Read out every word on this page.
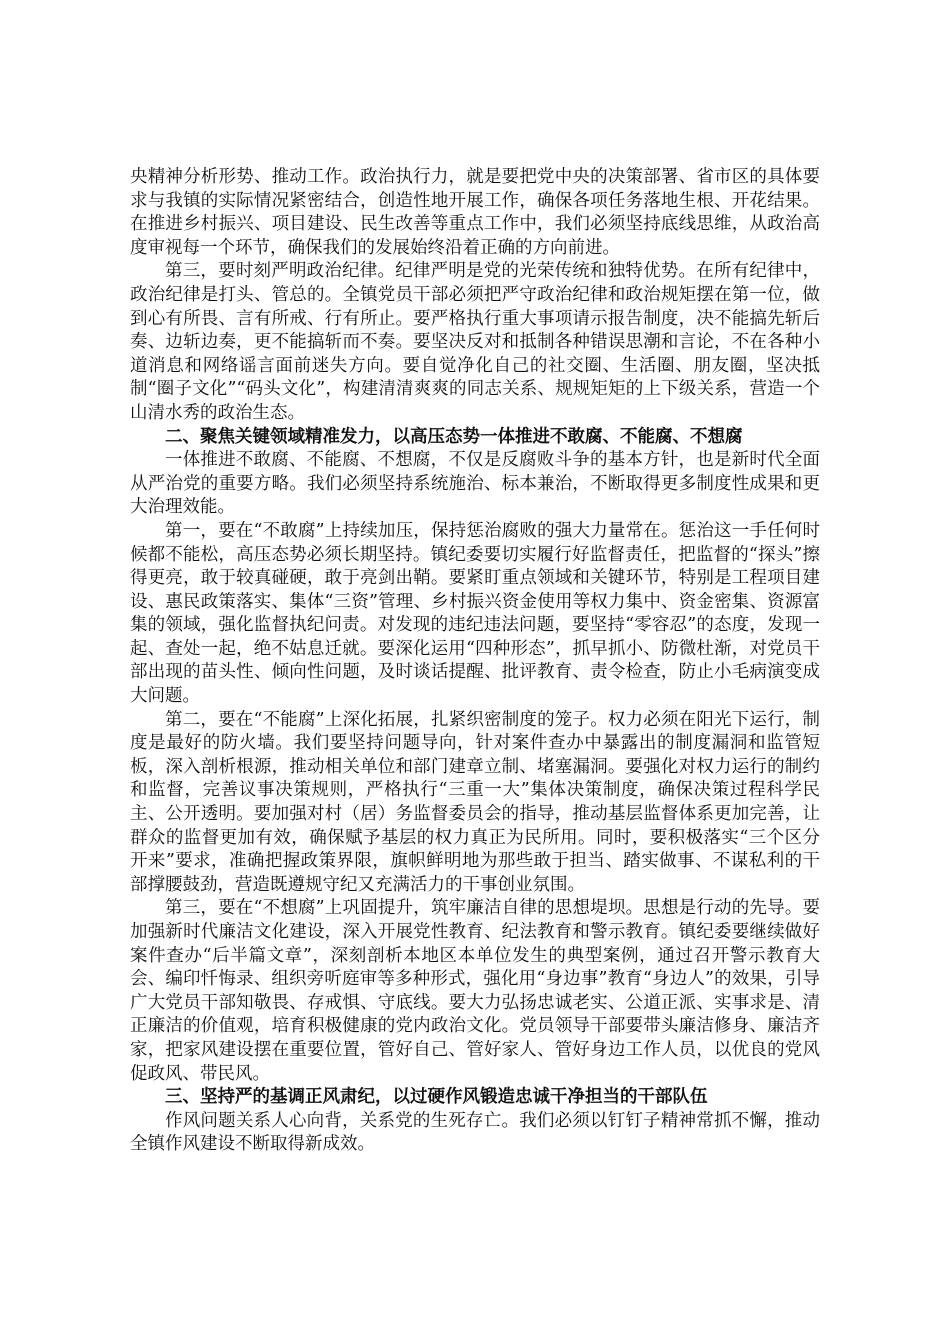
央精神分析形势、推动工作。政治执行力，就是要把党中央的决策部署、省市区的具体要求与我镇的实际情况紧密结合，创造性地开展工作，确保各项任务落地生根、开花结果。在推进乡村振兴、项目建设、民生改善等重点工作中，我们必须坚持底线思维，从政治高度审视每一个环节，确保我们的发展始终沿着正确的方向前进。

第三，要时刻严明政治纪律。纪律严明是党的光荣传统和独特优势。在所有纪律中，政治纪律是打头、管总的。全镇党员干部必须把严守政治纪律和政治规矩摆在第一位，做到心有所畏、言有所戒、行有所止。要严格执行重大事项请示报告制度，决不能搞先斩后奏、边斩边奏，更不能搞斩而不奏。要坚决反对和抵制各种错误思潮和言论，不在各种小道消息和网络谣言面前迷失方向。要自觉净化自己的社交圈、生活圈、朋友圈，坚决抵制“圈子文化”“码头文化”，构建清清爽爽的同志关系、规规矩矩的上下级关系，营造一个山清水秀的政治生态。

二、聚焦关键领域精准发力，以高压态势一体推进不敢腐、不能腐、不想腐

一体推进不敢腐、不能腐、不想腐，不仅是反腐败斗争的基本方针，也是新时代全面从严治党的重要方略。我们必须坚持系统施治、标本兼治，不断取得更多制度性成果和更大治理效能。

第一，要在“不敢腐”上持续加压，保持惩治腐败的强大力量常在。惩治这一手任何时候都不能松，高压态势必须长期坚持。镇纪委要切实履行好监督责任，把监督的“探头”擦得更亮，敢于较真碰硬，敢于亮剑出鞘。要紧盯重点领域和关键环节，特别是工程项目建设、惠民政策落实、集体“三资”管理、乡村振兴资金使用等权力集中、资金密集、资源富集的领域，强化监督执纪问责。对发现的违纪违法问题，要坚持“零容忍”的态度，发现一起、查处一起，绝不姑息迁就。要深化运用“四种形态”，抓早抓小、防微杜渐，对党员干部出现的苗头性、倾向性问题，及时谈话提醒、批评教育、责令检查，防止小毛病演变成大问题。

第二，要在“不能腐”上深化拓展，扎紧织密制度的笼子。权力必须在阳光下运行，制度是最好的防火墙。我们要坚持问题导向，针对案件查办中暴露出的制度漏洞和监管短板，深入剖析根源，推动相关单位和部门建章立制、堵塞漏洞。要强化对权力运行的制约和监督，完善议事决策规则，严格执行“三重一大”集体决策制度，确保决策过程科学民主、公开透明。要加强对村（居）务监督委员会的指导，推动基层监督体系更加完善，让群众的监督更加有效，确保赋予基层的权力真正为民所用。同时，要积极落实“三个区分开来”要求，准确把握政策界限，旗帜鲜明地为那些敢于担当、踏实做事、不谋私利的干部撑腰鼓劲，营造既遵规守纪又充满活力的干事创业氛围。

第三，要在“不想腐”上巩固提升，筑牢廉洁自律的思想堤坝。思想是行动的先导。要加强新时代廉洁文化建设，深入开展党性教育、纪法教育和警示教育。镇纪委要继续做好案件查办“后半篇文章”，深刻剖析本地区本单位发生的典型案例，通过召开警示教育大会、编印忏悔录、组织旁听庭审等多种形式，强化用“身边事”教育“身边人”的效果，引导广大党员干部知敬畏、存戒惧、守底线。要大力弘扬忠诚老实、公道正派、实事求是、清正廉洁的价值观，培育积极健康的党内政治文化。党员领导干部要带头廉洁修身、廉洁齐家，把家风建设摆在重要位置，管好自己、管好家人、管好身边工作人员，以优良的党风促政风、带民风。

三、坚持严的基调正风肃纪，以过硬作风锻造忠诚干净担当的干部队伍

作风问题关系人心向背，关系党的生死存亡。我们必须以钉钉子精神常抓不懈，推动全镇作风建设不断取得新成效。
